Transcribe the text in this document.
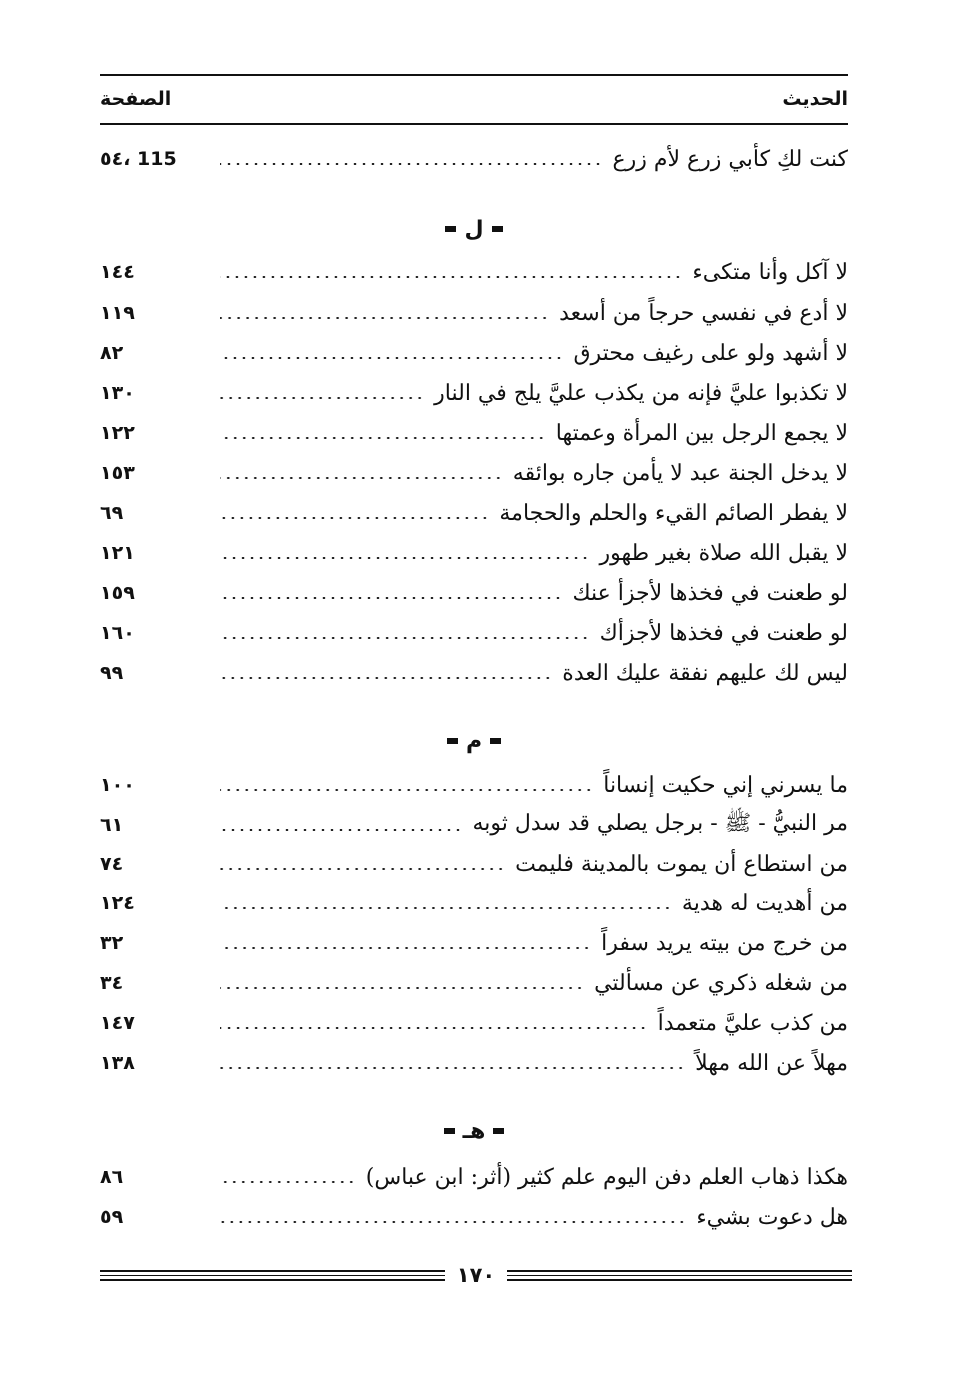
الحديث
الصفحة
كنت لكِ كأبي زرع لأم زرع
٥٤، 115
ل
لا آكل وأنا متكىء
١٤٤
لا أدع في نفسي حرجاً من أسعد
١١٩
لا أشهد ولو على رغيف محترق
٨٢
لا تكذبوا عليَّ فإنه من يكذب عليَّ يلج في النار
١٣٠
لا يجمع الرجل بين المرأة وعمتها
١٢٢
لا يدخل الجنة عبد لا يأمن جاره بوائقه
١٥٣
لا يفطر الصائم القيء والحلم والحجامة
٦٩
لا يقبل الله صلاة بغير طهور
١٢١
لو طعنت في فخذها لأجزأ عنك
١٥٩
لو طعنت في فخذها لأجزأك
١٦٠
ليس لك عليهم نفقة عليك العدة
٩٩
م
ما يسرني إني حكيت إنساناً
١٠٠
مر النبيُّ - ﷺ - برجل يصلي قد سدل ثوبه
٦١
من استطاع أن يموت بالمدينة فليمت
٧٤
من أهديت له هدية
١٢٤
من خرج من بيته يريد سفراً
٣٢
من شغله ذكري عن مسألتي
٣٤
من كذب عليَّ متعمداً
١٤٧
مهلاً عن الله مهلاً
١٣٨
هـ
هكذا ذهاب العلم دفن اليوم علم كثير (أثر: ابن عباس)
٨٦
هل دعوت بشيء
٥٩
١٧٠
